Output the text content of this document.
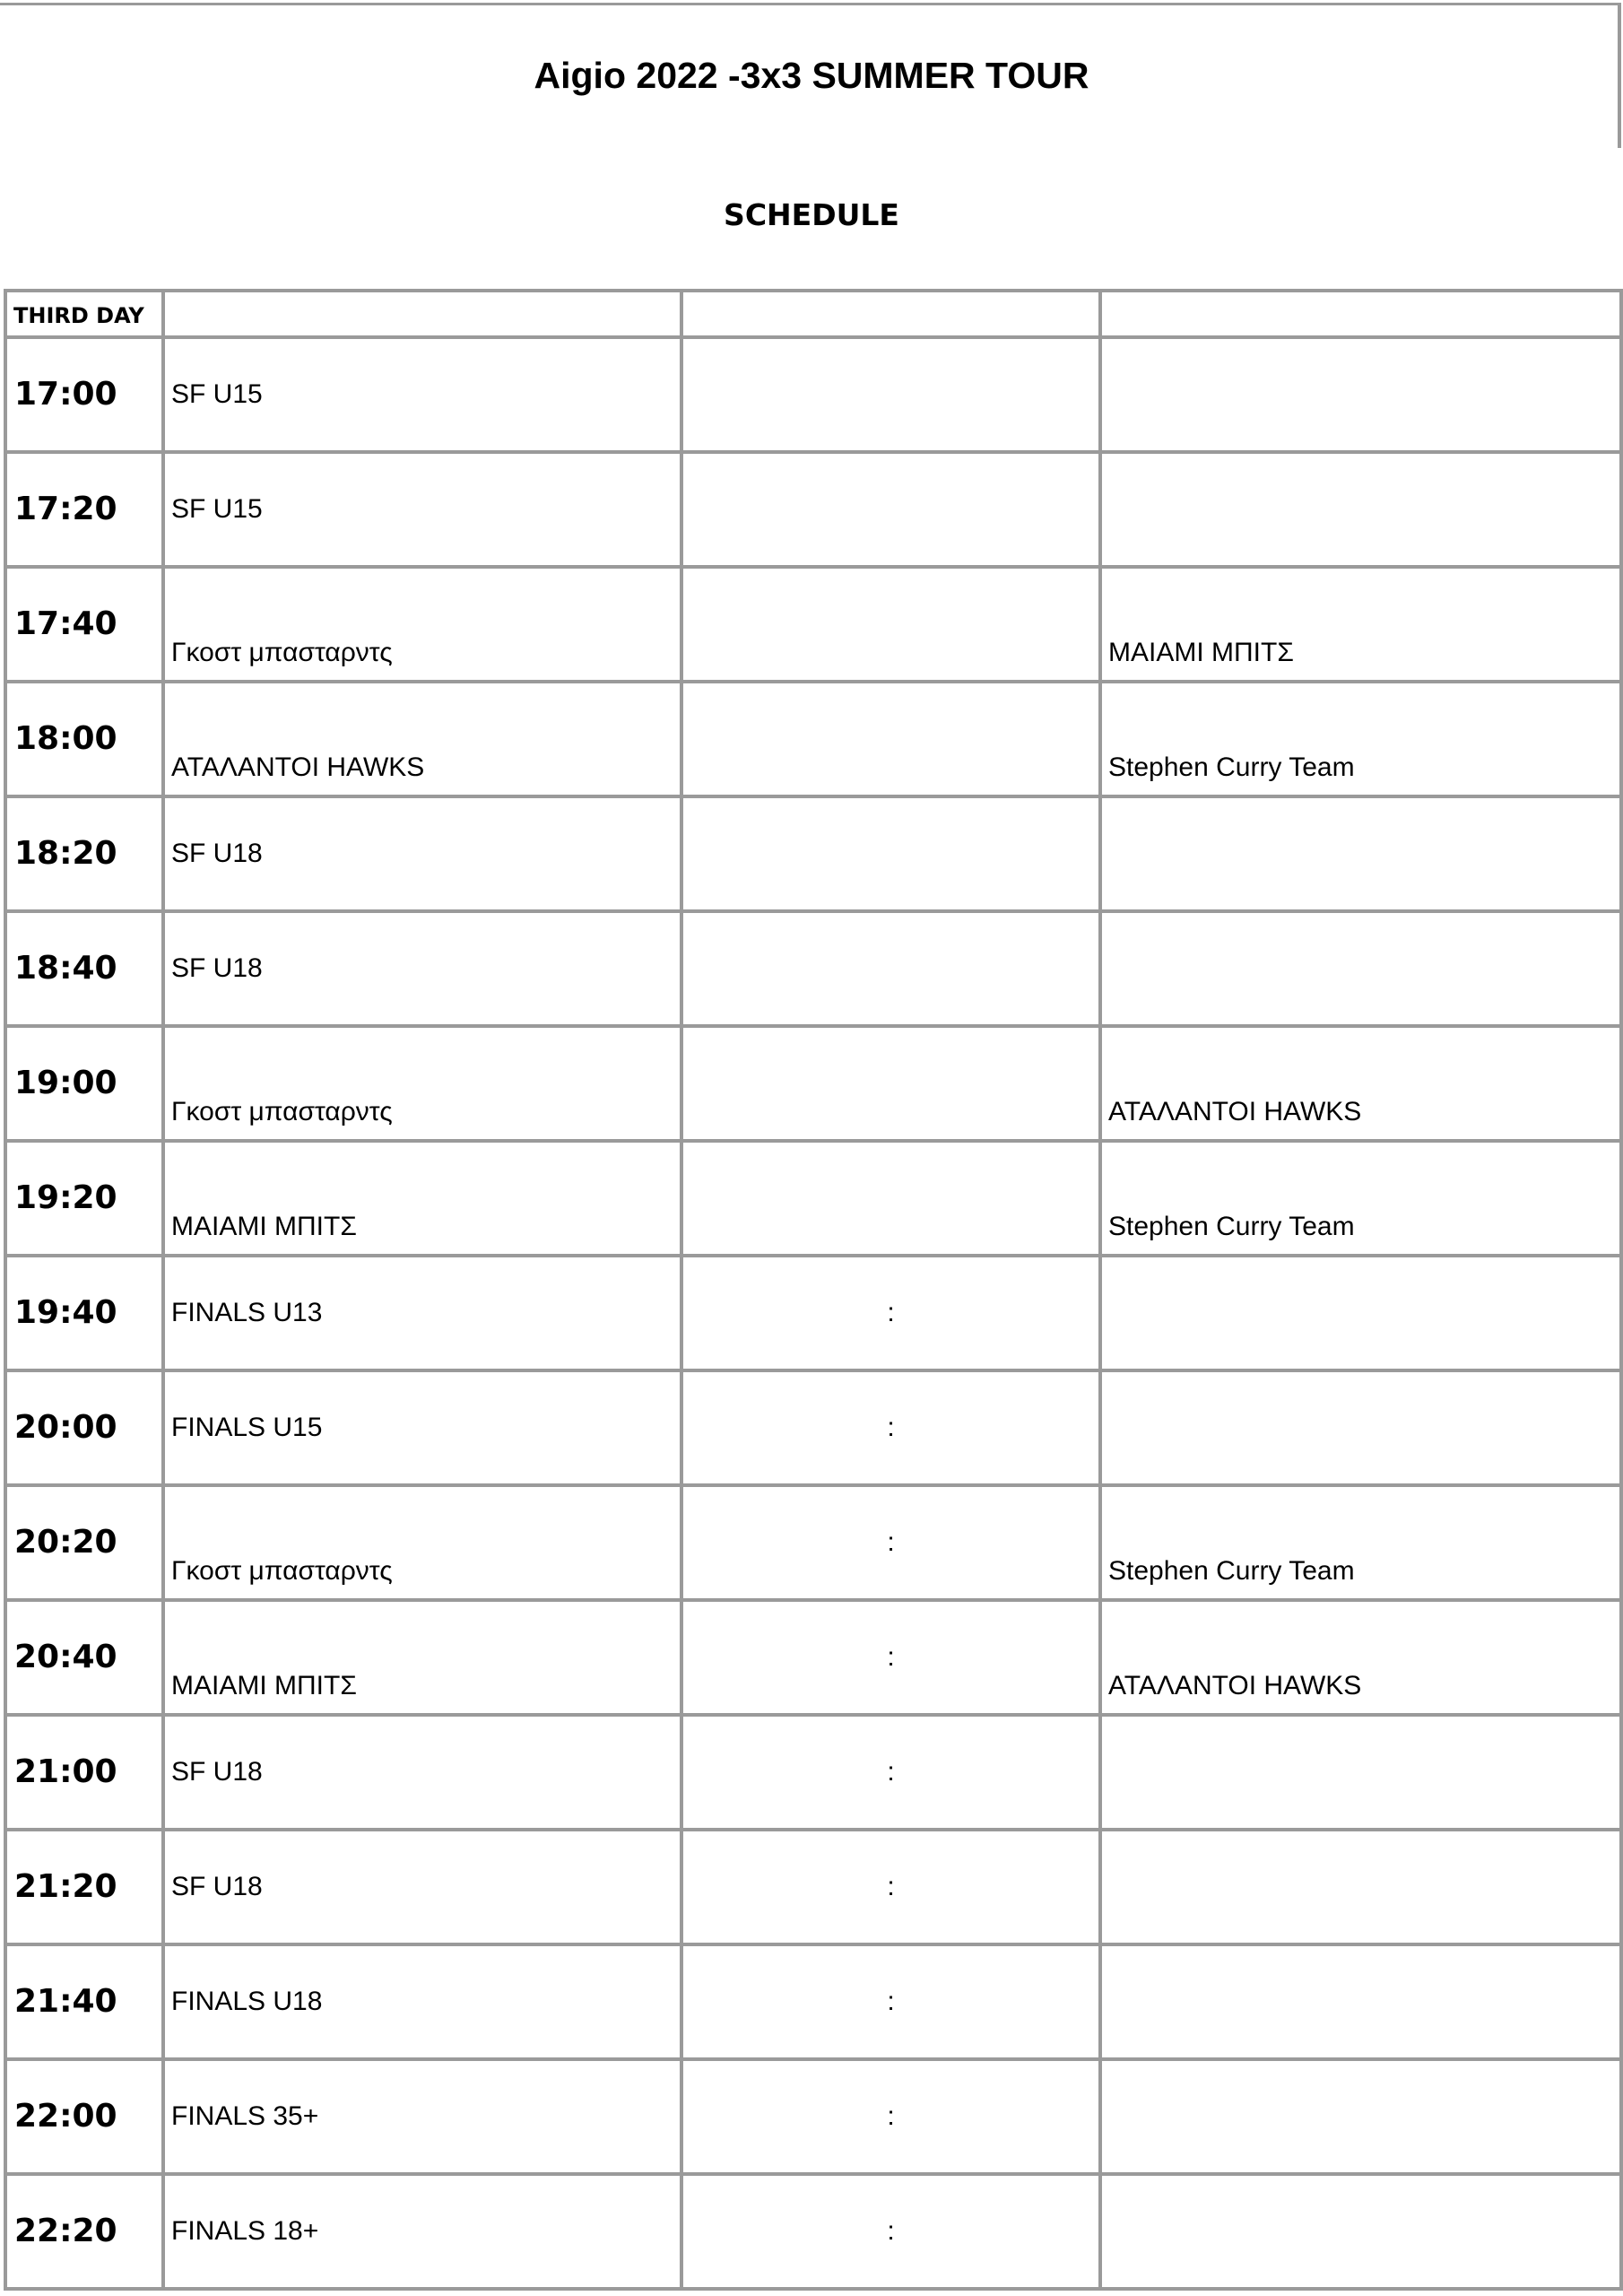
Aigio 2022 -3x3 SUMMER TOUR
SCHEDULE
THIRD DAY			

17:00	SF U15		

17:20	SF U15		

17:40	Γκοστ μπασταρντς		ΜΑΙΑΜΙ ΜΠΙΤΣ

18:00	ΑΤΑΛΑΝΤΟΙ HAWKS		Stephen Curry Team

18:20	SF U18		

18:40	SF U18		

19:00	Γκοστ μπασταρντς		ΑΤΑΛΑΝΤΟΙ HAWKS

19:20	ΜΑΙΑΜΙ ΜΠΙΤΣ		Stephen Curry Team

19:40	FINALS U13	:	

20:00	FINALS U15	:	

20:20	Γκοστ μπασταρντς	:	Stephen Curry Team

20:40	ΜΑΙΑΜΙ ΜΠΙΤΣ	:	ΑΤΑΛΑΝΤΟΙ HAWKS

21:00	SF U18	:	

21:20	SF U18	:	

21:40	FINALS U18	:	

22:00	FINALS 35+	:	

22:20	FINALS 18+	:	
